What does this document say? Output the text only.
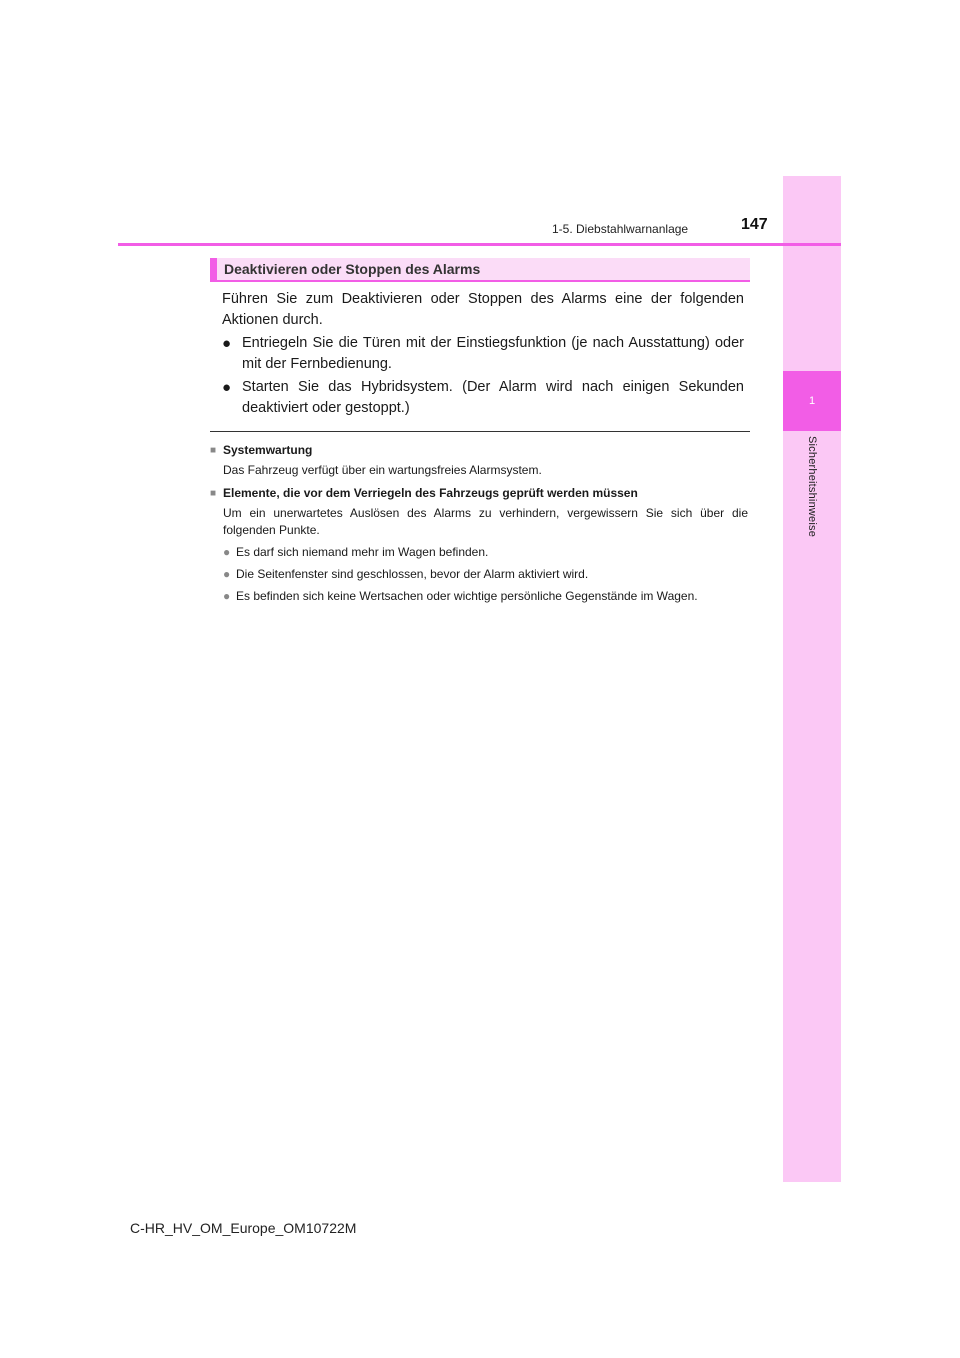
1
Sicherheitshinweise
1-5. Diebstahlwarnanlage	147
Deaktivieren oder Stoppen des Alarms

Führen Sie zum Deaktivieren oder Stoppen des Alarms eine der folgenden Aktionen durch.

● Entriegeln Sie die Türen mit der Einstiegsfunktion (je nach Ausstattung) oder mit der Fernbedienung.
● Starten Sie das Hybridsystem. (Der Alarm wird nach einigen Sekunden deaktiviert oder gestoppt.)
■ Systemwartung
Das Fahrzeug verfügt über ein wartungsfreies Alarmsystem.
■ Elemente, die vor dem Verriegeln des Fahrzeugs geprüft werden müssen
Um ein unerwartetes Auslösen des Alarms zu verhindern, vergewissern Sie sich über die folgenden Punkte.
● Es darf sich niemand mehr im Wagen befinden.
● Die Seitenfenster sind geschlossen, bevor der Alarm aktiviert wird.
● Es befinden sich keine Wertsachen oder wichtige persönliche Gegenstände im Wagen.
C-HR_HV_OM_Europe_OM10722M
